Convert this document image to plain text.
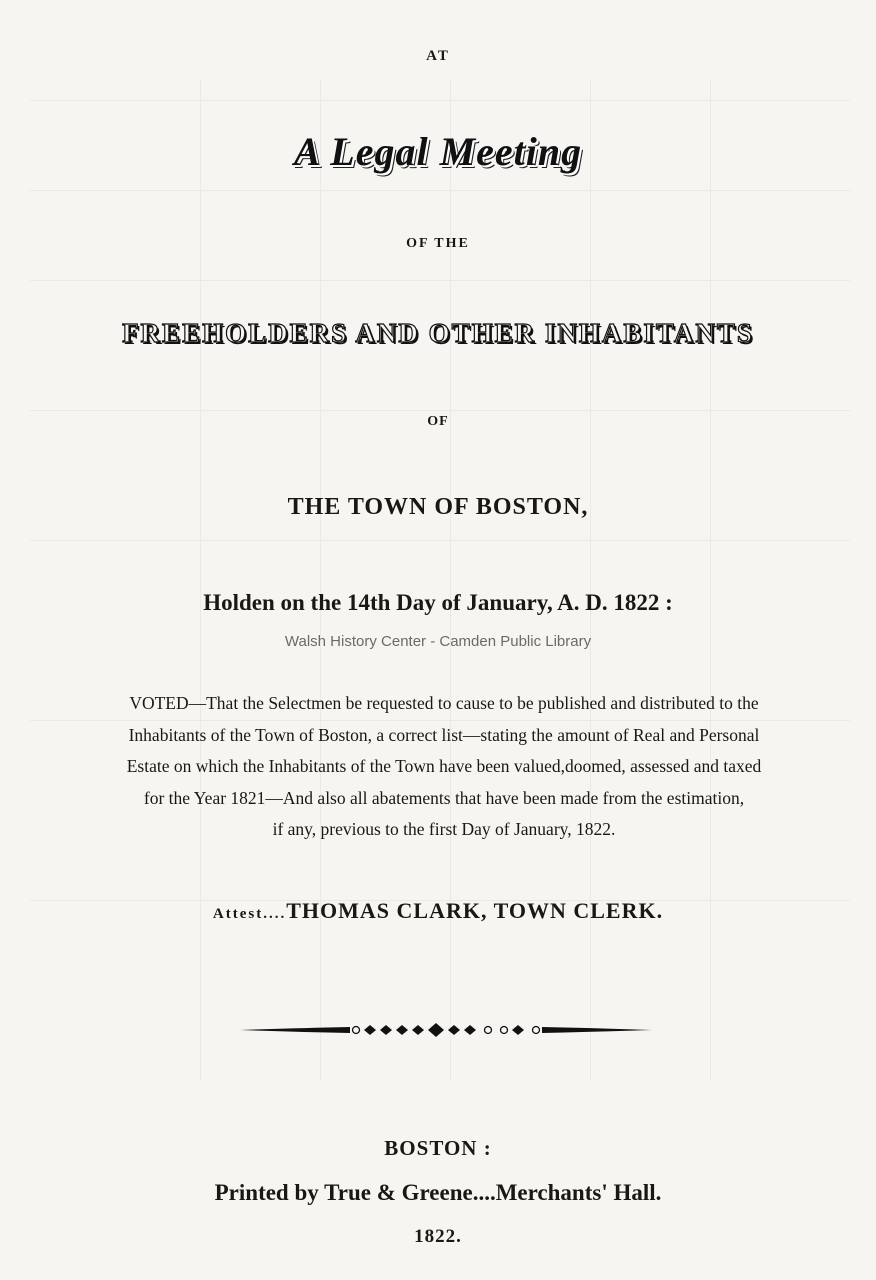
AT
A Legal Meeting
OF THE
FREEHOLDERS AND OTHER INHABITANTS
OF
THE TOWN OF BOSTON,
Holden on the 14th Day of January, A. D. 1822 :
Walsh History Center - Camden Public Library
VOTED—That the Selectmen be requested to cause to be published and distributed to the
Inhabitants of the Town of Boston, a correct list—stating the amount of Real and Personal
Estate on which the Inhabitants of the Town have been valued,doomed, assessed and taxed
for the Year 1821—And also all abatements that have been made from the estimation,
if any, previous to the first Day of January, 1822.
Attest....THOMAS CLARK, TOWN CLERK.
BOSTON :
Printed by True & Greene....Merchants' Hall.
1822.
